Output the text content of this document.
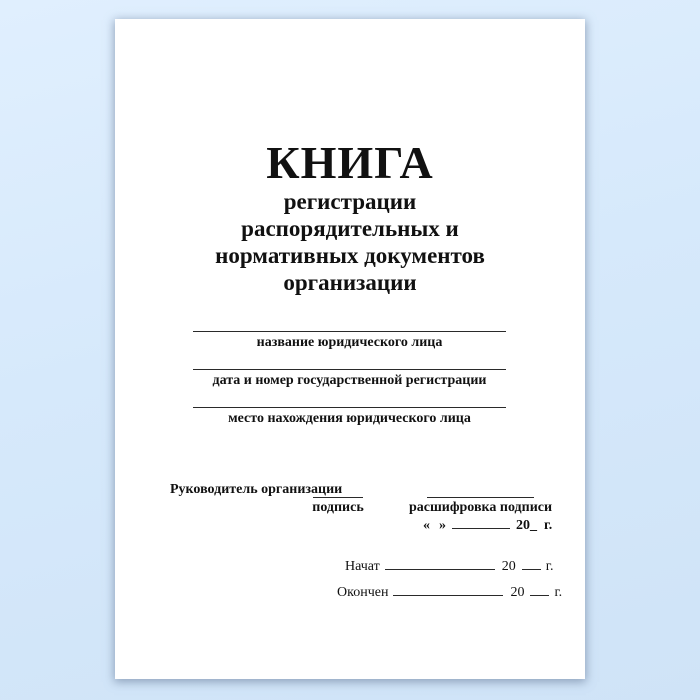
КНИГА
регистрации
распорядительных и
нормативных документов
организации
название юридического лица
дата и номер государственной регистрации
место нахождения юридического лица
Руководитель организации
подпись	расшифровка подписи
« »	20_ г.
Начат	20 г.
Окончен	20 г.
